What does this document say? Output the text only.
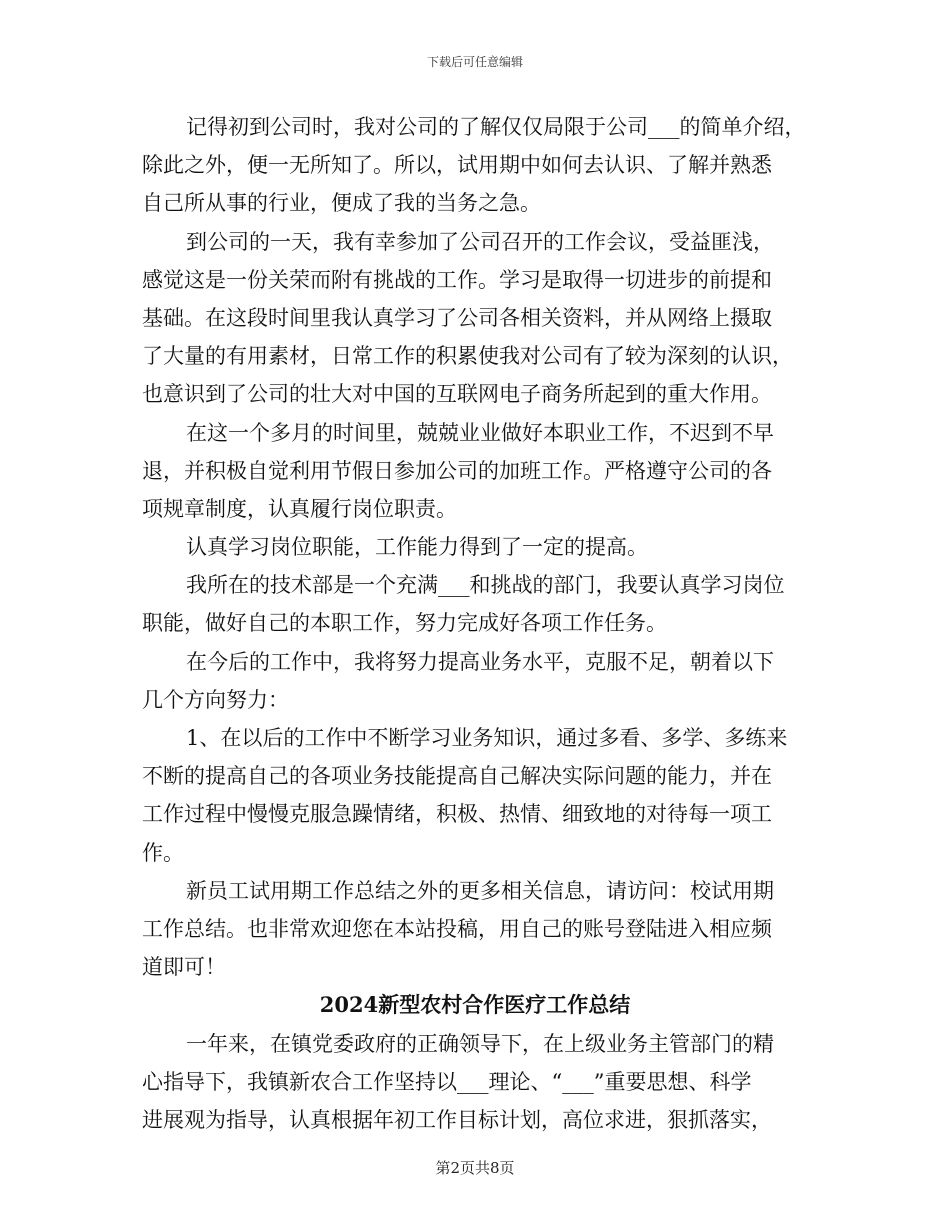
下载后可任意编辑
记得初到公司时，我对公司的了解仅仅局限于公司___的简单介绍，
除此之外，便一无所知了。所以，试用期中如何去认识、了解并熟悉
自己所从事的行业，便成了我的当务之急。
到公司的一天，我有幸参加了公司召开的工作会议，受益匪浅，
感觉这是一份关荣而附有挑战的工作。学习是取得一切进步的前提和
基础。在这段时间里我认真学习了公司各相关资料，并从网络上摄取
了大量的有用素材，日常工作的积累使我对公司有了较为深刻的认识，
也意识到了公司的壮大对中国的互联网电子商务所起到的重大作用。
在这一个多月的时间里，兢兢业业做好本职业工作，不迟到不早
退，并积极自觉利用节假日参加公司的加班工作。严格遵守公司的各
项规章制度，认真履行岗位职责。
认真学习岗位职能，工作能力得到了一定的提高。
我所在的技术部是一个充满___和挑战的部门，我要认真学习岗位
职能，做好自己的本职工作，努力完成好各项工作任务。
在今后的工作中，我将努力提高业务水平，克服不足，朝着以下
几个方向努力：
1、在以后的工作中不断学习业务知识，通过多看、多学、多练来
不断的提高自己的各项业务技能提高自己解决实际问题的能力，并在
工作过程中慢慢克服急躁情绪，积极、热情、细致地的对待每一项工
作。
新员工试用期工作总结之外的更多相关信息，请访问：校试用期
工作总结。也非常欢迎您在本站投稿，用自己的账号登陆进入相应频
道即可！
2024新型农村合作医疗工作总结
一年来，在镇党委政府的正确领导下，在上级业务主管部门的精
心指导下，我镇新农合工作坚持以___理论、“___”重要思想、科学
进展观为指导，认真根据年初工作目标计划，高位求进，狠抓落实，
第2页共8页
